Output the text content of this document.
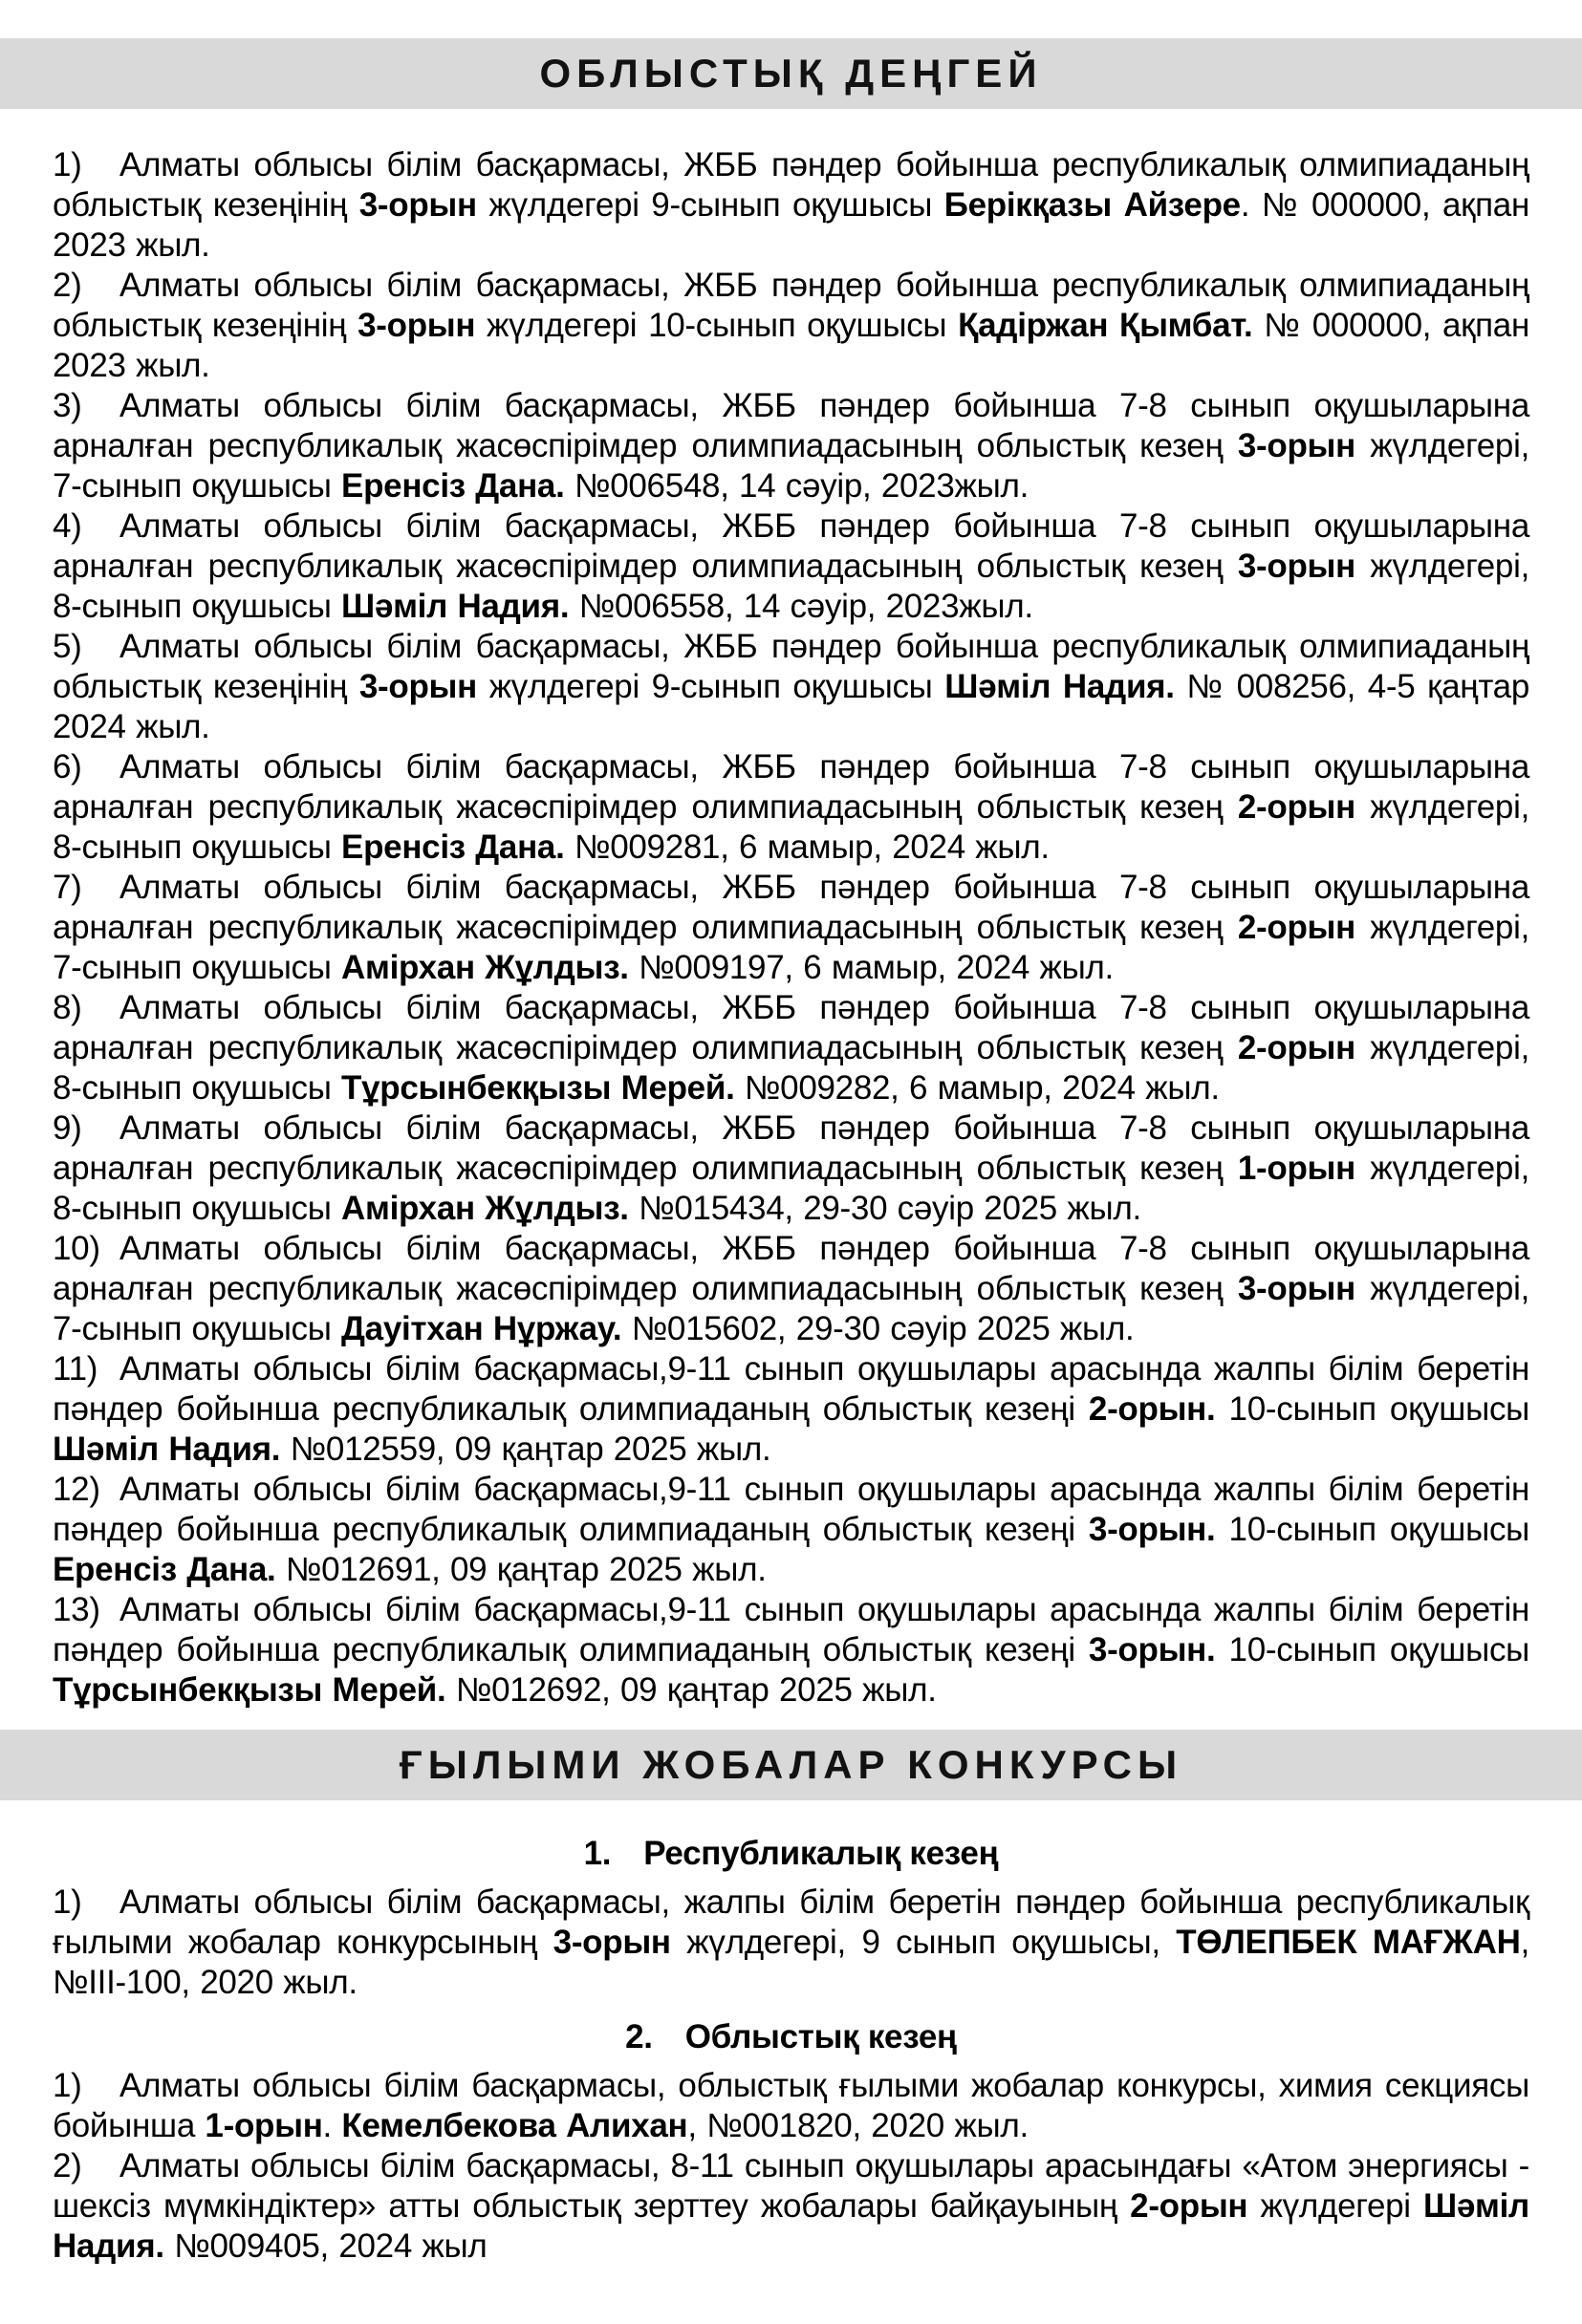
ОБЛЫСТЫҚ ДЕҢГЕЙ

1) Алматы облысы білім басқармасы, ЖББ пәндер бойынша республикалық олмипиаданың облыстық кезеңінің 3-орын жүлдегері 9-сынып оқушысы Берікқазы Айзере. № 000000, ақпан 2023 жыл.

2) Алматы облысы білім басқармасы, ЖББ пәндер бойынша республикалық олмипиаданың облыстық кезеңінің 3-орын жүлдегері 10-сынып оқушысы Қадіржан Қымбат. № 000000, ақпан 2023 жыл.

3) Алматы облысы білім басқармасы, ЖББ пәндер бойынша 7-8 сынып оқушыларына арналған республикалық жасөспірімдер олимпиадасының облыстық кезең 3-орын жүлдегері, 7-сынып оқушысы Еренсіз Дана. №006548, 14 сәуір, 2023жыл.

4) Алматы облысы білім басқармасы, ЖББ пәндер бойынша 7-8 сынып оқушыларына арналған республикалық жасөспірімдер олимпиадасының облыстық кезең 3-орын жүлдегері, 8-сынып оқушысы Шәміл Надия. №006558, 14 сәуір, 2023жыл.

5) Алматы облысы білім басқармасы, ЖББ пәндер бойынша республикалық олмипиаданың облыстық кезеңінің 3-орын жүлдегері 9-сынып оқушысы Шәміл Надия. № 008256, 4-5 қаңтар 2024 жыл.

6) Алматы облысы білім басқармасы, ЖББ пәндер бойынша 7-8 сынып оқушыларына арналған республикалық жасөспірімдер олимпиадасының облыстық кезең 2-орын жүлдегері, 8-сынып оқушысы Еренсіз Дана. №009281, 6 мамыр, 2024 жыл.

7) Алматы облысы білім басқармасы, ЖББ пәндер бойынша 7-8 сынып оқушыларына арналған республикалық жасөспірімдер олимпиадасының облыстық кезең 2-орын жүлдегері, 7-сынып оқушысы Амірхан Жұлдыз. №009197, 6 мамыр, 2024 жыл.

8) Алматы облысы білім басқармасы, ЖББ пәндер бойынша 7-8 сынып оқушыларына арналған республикалық жасөспірімдер олимпиадасының облыстық кезең 2-орын жүлдегері, 8-сынып оқушысы Тұрсынбекқызы Мерей. №009282, 6 мамыр, 2024 жыл.

9) Алматы облысы білім басқармасы, ЖББ пәндер бойынша 7-8 сынып оқушыларына арналған республикалық жасөспірімдер олимпиадасының облыстық кезең 1-орын жүлдегері, 8-сынып оқушысы Амірхан Жұлдыз. №015434, 29-30 сәуір 2025 жыл.

10) Алматы облысы білім басқармасы, ЖББ пәндер бойынша 7-8 сынып оқушыларына арналған республикалық жасөспірімдер олимпиадасының облыстық кезең 3-орын жүлдегері, 7-сынып оқушысы Дауітхан Нұржау. №015602, 29-30 сәуір 2025 жыл.

11) Алматы облысы білім басқармасы,9-11 сынып оқушылары арасында жалпы білім беретін пәндер бойынша республикалық олимпиаданың облыстық кезеңі 2-орын. 10-сынып оқушысы Шәміл Надия. №012559, 09 қаңтар 2025 жыл.

12) Алматы облысы білім басқармасы,9-11 сынып оқушылары арасында жалпы білім беретін пәндер бойынша республикалық олимпиаданың облыстық кезеңі 3-орын. 10-сынып оқушысы Еренсіз Дана. №012691, 09 қаңтар 2025 жыл.

13) Алматы облысы білім басқармасы,9-11 сынып оқушылары арасында жалпы білім беретін пәндер бойынша республикалық олимпиаданың облыстық кезеңі 3-орын. 10-сынып оқушысы Тұрсынбекқызы Мерей. №012692, 09 қаңтар 2025 жыл.

ҒЫЛЫМИ ЖОБАЛАР КОНКУРСЫ

1. Республикалық кезең

1) Алматы облысы білім басқармасы, жалпы білім беретін пәндер бойынша республикалық ғылыми жобалар конкурсының 3-орын жүлдегері, 9 сынып оқушысы, ТӨЛЕПБЕК МАҒЖАН, №III-100, 2020 жыл.

2. Облыстық кезең

1) Алматы облысы білім басқармасы, облыстық ғылыми жобалар конкурсы, химия секциясы бойынша 1-орын. Кемелбекова Алихан, №001820, 2020 жыл.

2) Алматы облысы білім басқармасы, 8-11 сынып оқушылары арасындағы «Атом энергиясы - шексіз мүмкіндіктер» атты облыстық зерттеу жобалары байқауының 2-орын жүлдегері Шәміл Надия. №009405, 2024 жыл
